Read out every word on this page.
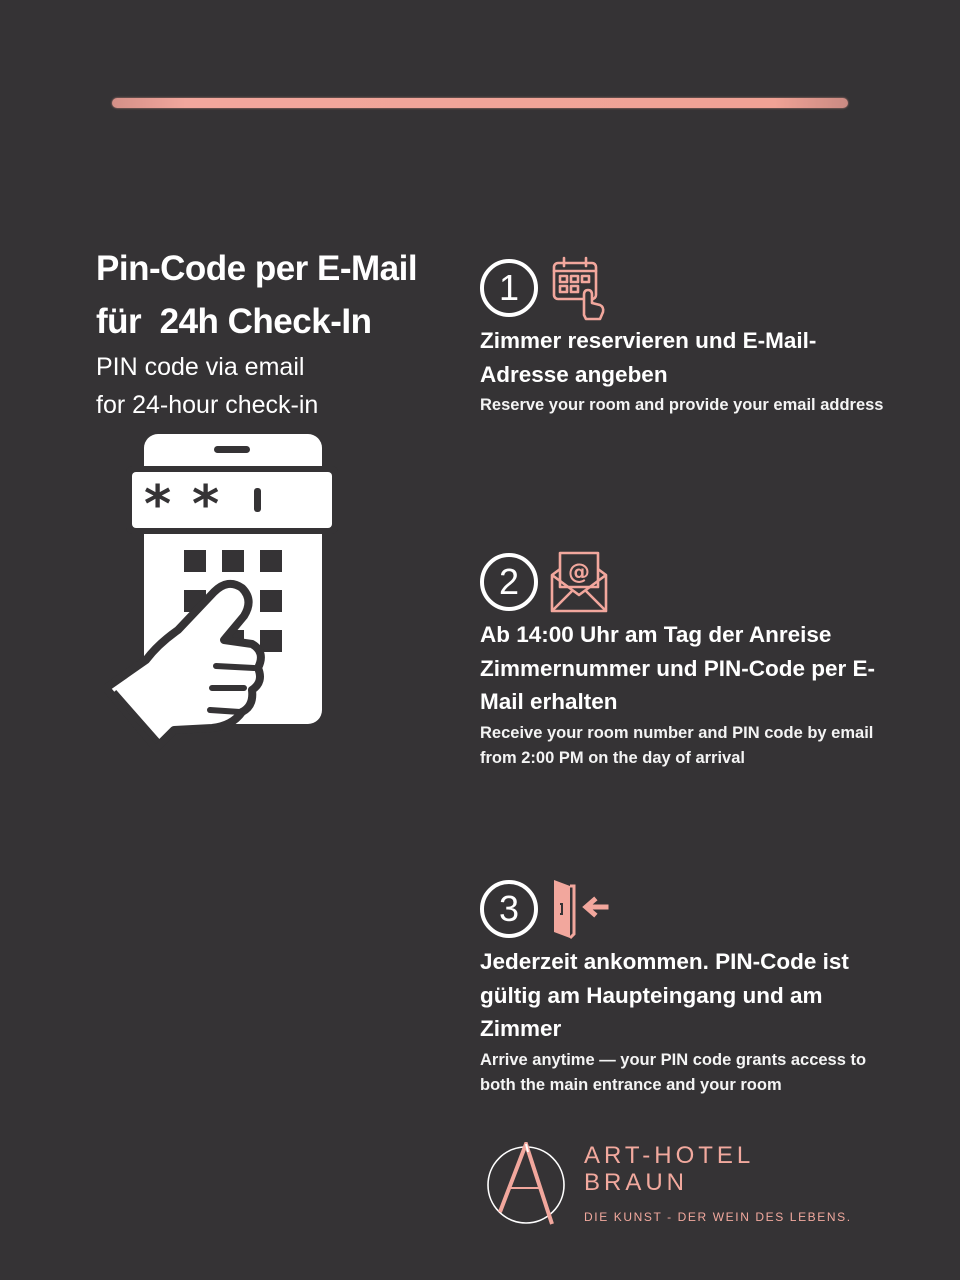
Pin-Code per E-Mail
für  24h Check-In
PIN code via email
for 24-hour check-in
* *
1
Zimmer reservieren und E-Mail-Adresse angeben
Reserve your room and provide your email address
2	@
Ab 14:00 Uhr am Tag der Anreise Zimmernummer und PIN-Code per E-Mail erhalten
Receive your room number and PIN code by email from 2:00 PM on the day of arrival
3
Jederzeit ankommen. PIN-Code ist gültig am Haupteingang und am Zimmer
Arrive anytime — your PIN code grants access to both the main entrance and your room
ART-HOTEL
BRAUN
DIE KUNST - DER WEIN DES LEBENS.
